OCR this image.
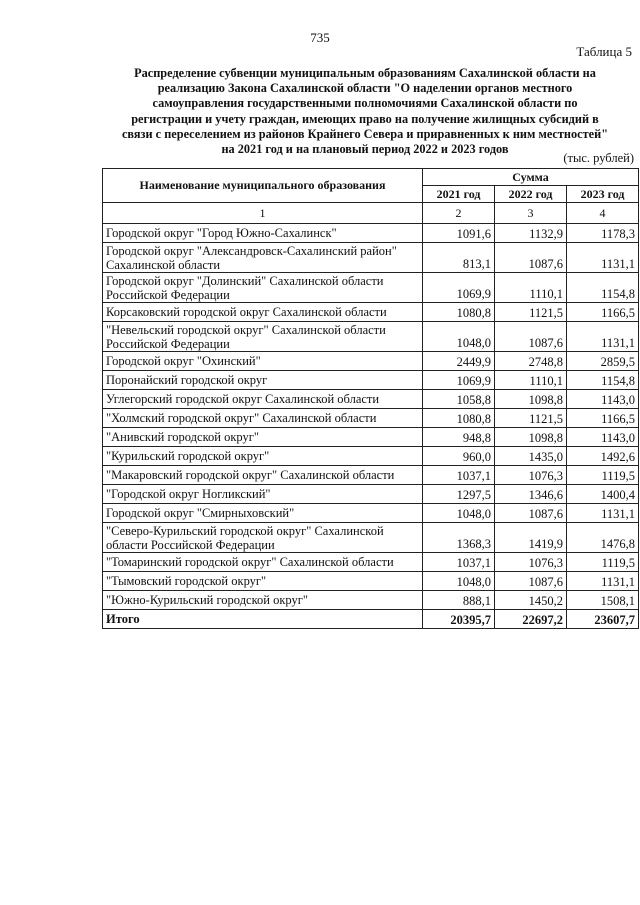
735
Таблица 5
Распределение субвенции муниципальным образованиям Сахалинской области на
реализацию Закона Сахалинской области "О наделении органов местного
самоуправления государственными полномочиями Сахалинской области по
регистрации и учету граждан, имеющих право на получение жилищных субсидий в
связи с переселением из районов Крайнего Севера и приравненных к ним местностей"
на 2021 год и на плановый период 2022 и 2023 годов
(тыс. рублей)
Наименование муниципального образования	Сумма		
	2021 год	2022 год	2023 год
1	2	3	4
Городской округ "Город Южно-Сахалинск"	1091,6	1132,9	1178,3
Городской округ "Александровск-Сахалинский район" Сахалинской области	813,1	1087,6	1131,1
Городской округ "Долинский" Сахалинской области Российской Федерации	1069,9	1110,1	1154,8
Корсаковский городской округ Сахалинской области	1080,8	1121,5	1166,5
"Невельский городской округ" Сахалинской области Российской Федерации	1048,0	1087,6	1131,1
Городской округ "Охинский"	2449,9	2748,8	2859,5
Поронайский городской округ	1069,9	1110,1	1154,8
Углегорский городской округ Сахалинской области	1058,8	1098,8	1143,0
"Холмский городской округ" Сахалинской области	1080,8	1121,5	1166,5
"Анивский городской округ"	948,8	1098,8	1143,0
"Курильский городской округ"	960,0	1435,0	1492,6
"Макаровский городской округ" Сахалинской области	1037,1	1076,3	1119,5
"Городской округ Ногликский"	1297,5	1346,6	1400,4
Городской округ "Смирныховский"	1048,0	1087,6	1131,1
"Северо-Курильский городской округ" Сахалинской области Российской Федерации	1368,3	1419,9	1476,8
"Томаринский городской округ" Сахалинской области	1037,1	1076,3	1119,5
"Тымовский городской округ"	1048,0	1087,6	1131,1
"Южно-Курильский городской округ"	888,1	1450,2	1508,1
Итого	20395,7	22697,2	23607,7
